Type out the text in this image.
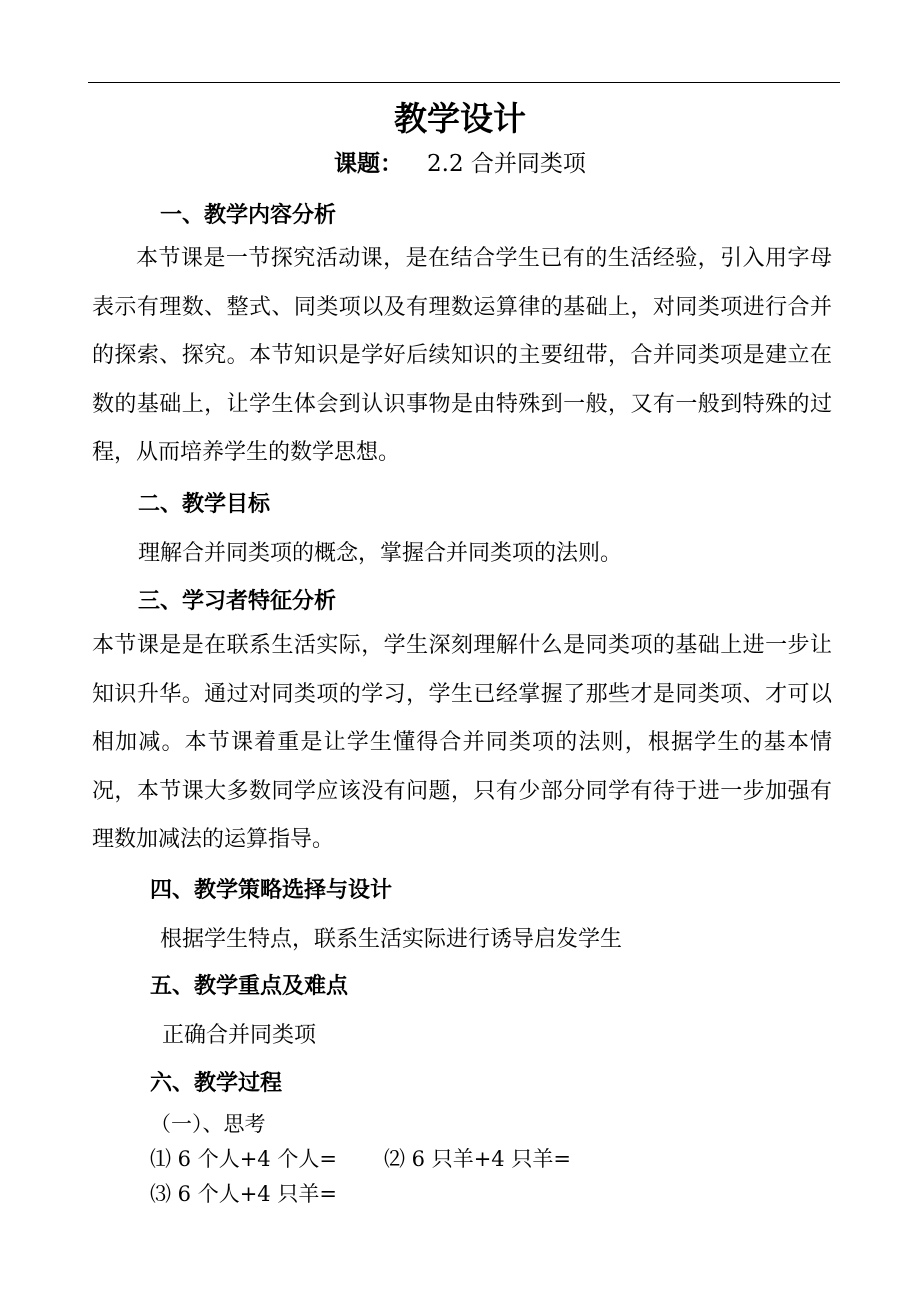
教学设计
课题： 2.2 合并同类项
一、教学内容分析
本节课是一节探究活动课，是在结合学生已有的生活经验，引入用字母表示有理数、整式、同类项以及有理数运算律的基础上，对同类项进行合并的探索、探究。本节知识是学好后续知识的主要纽带，合并同类项是建立在数的基础上，让学生体会到认识事物是由特殊到一般，又有一般到特殊的过程，从而培养学生的数学思想。
二、教学目标
理解合并同类项的概念，掌握合并同类项的法则。
三、学习者特征分析
本节课是是在联系生活实际，学生深刻理解什么是同类项的基础上进一步让知识升华。通过对同类项的学习，学生已经掌握了那些才是同类项、才可以相加减。本节课着重是让学生懂得合并同类项的法则，根据学生的基本情况，本节课大多数同学应该没有问题，只有少部分同学有待于进一步加强有理数加减法的运算指导。
四、教学策略选择与设计
根据学生特点，联系生活实际进行诱导启发学生
五、教学重点及难点
正确合并同类项
六、教学过程
（一）、思考
⑴ 6 个人+4 个人= ⑵ 6 只羊+4 只羊=
⑶ 6 个人+4 只羊=
